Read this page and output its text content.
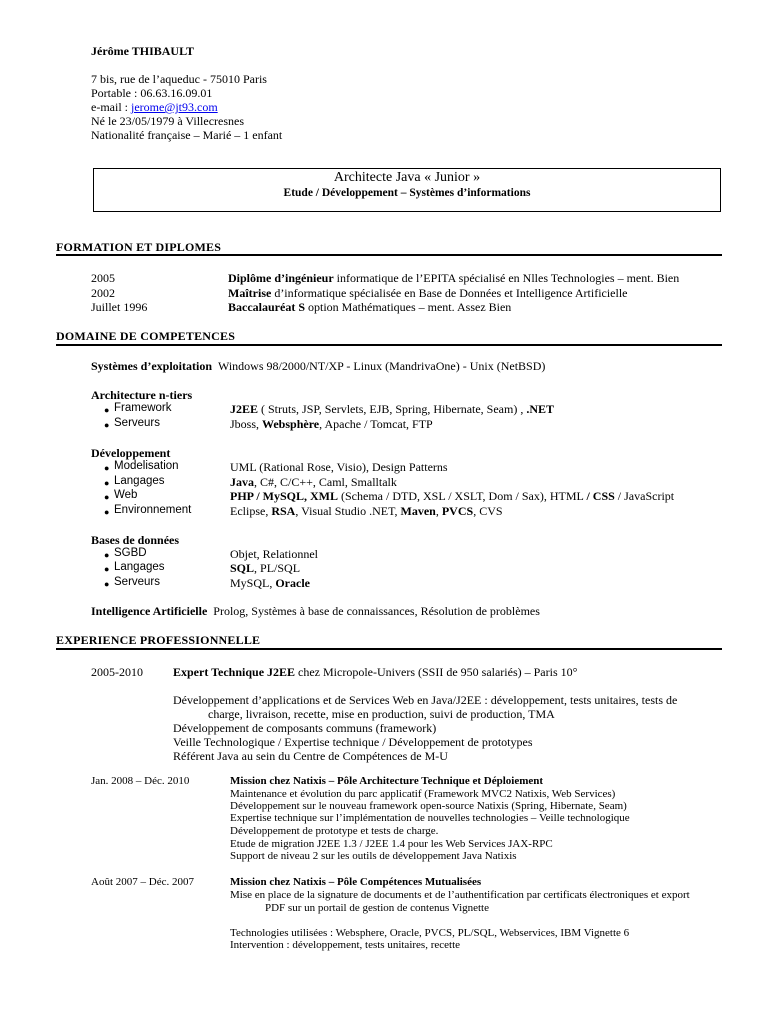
Jérôme THIBAULT
7 bis, rue de l’aqueduc - 75010 Paris
Portable : 06.63.16.09.01
e-mail : jerome@jt93.com
Né le 23/05/1979 à Villecresnes
Nationalité française – Marié – 1 enfant
Architecte Java « Junior »
Etude / Développement – Systèmes d’informations
FORMATION ET DIPLOMES
2005	Diplôme d’ingénieur informatique de l’EPITA spécialisé en Nlles Technologies – ment. Bien
2002	Maîtrise d’informatique spécialisée en Base de Données et Intelligence Artificielle
Juillet 1996	Baccalauréat S option Mathématiques – ment. Assez Bien
DOMAINE DE COMPETENCES
Systèmes d’exploitation Windows 98/2000/NT/XP - Linux (MandrivaOne) - Unix (NetBSD)
Architecture n-tiers
● Framework	J2EE ( Struts, JSP, Servlets, EJB, Spring, Hibernate, Seam) , .NET
● Serveurs	Jboss, Websphère, Apache / Tomcat, FTP
Développement
● Modelisation	UML (Rational Rose, Visio), Design Patterns
● Langages	Java, C#, C/C++, Caml, Smalltalk
● Web	PHP / MySQL, XML (Schema / DTD, XSL / XSLT, Dom / Sax), HTML / CSS / JavaScript
● Environnement	Eclipse, RSA, Visual Studio .NET, Maven, PVCS, CVS
Bases de données
● SGBD	Objet, Relationnel
● Langages	SQL, PL/SQL
● Serveurs	MySQL, Oracle
Intelligence Artificielle Prolog, Systèmes à base de connaissances, Résolution de problèmes
EXPERIENCE PROFESSIONNELLE
2005-2010	Expert Technique J2EE chez Micropole-Univers (SSII de 950 salariés) – Paris 10°
Développement d’applications et de Services Web en Java/J2EE : développement, tests unitaires, tests de
charge, livraison, recette, mise en production, suivi de production, TMA
Développement de composants communs (framework)
Veille Technologique / Expertise technique / Développement de prototypes
Référent Java au sein du Centre de Compétences de M-U
Jan. 2008 – Déc. 2010	Mission chez Natixis – Pôle Architecture Technique et Déploiement
Maintenance et évolution du parc applicatif (Framework MVC2 Natixis, Web Services)
Développement sur le nouveau framework open-source Natixis (Spring, Hibernate, Seam)
Expertise technique sur l’implémentation de nouvelles technologies – Veille technologique
Développement de prototype et tests de charge.
Etude de migration J2EE 1.3 / J2EE 1.4 pour les Web Services JAX-RPC
Support de niveau 2 sur les outils de développement Java Natixis
Août 2007 – Déc. 2007	Mission chez Natixis – Pôle Compétences Mutualisées
Mise en place de la signature de documents et de l’authentification par certificats électroniques et export
PDF sur un portail de gestion de contenus Vignette
Technologies utilisées : Websphere, Oracle, PVCS, PL/SQL, Webservices, IBM Vignette 6
Intervention : développement, tests unitaires, recette
